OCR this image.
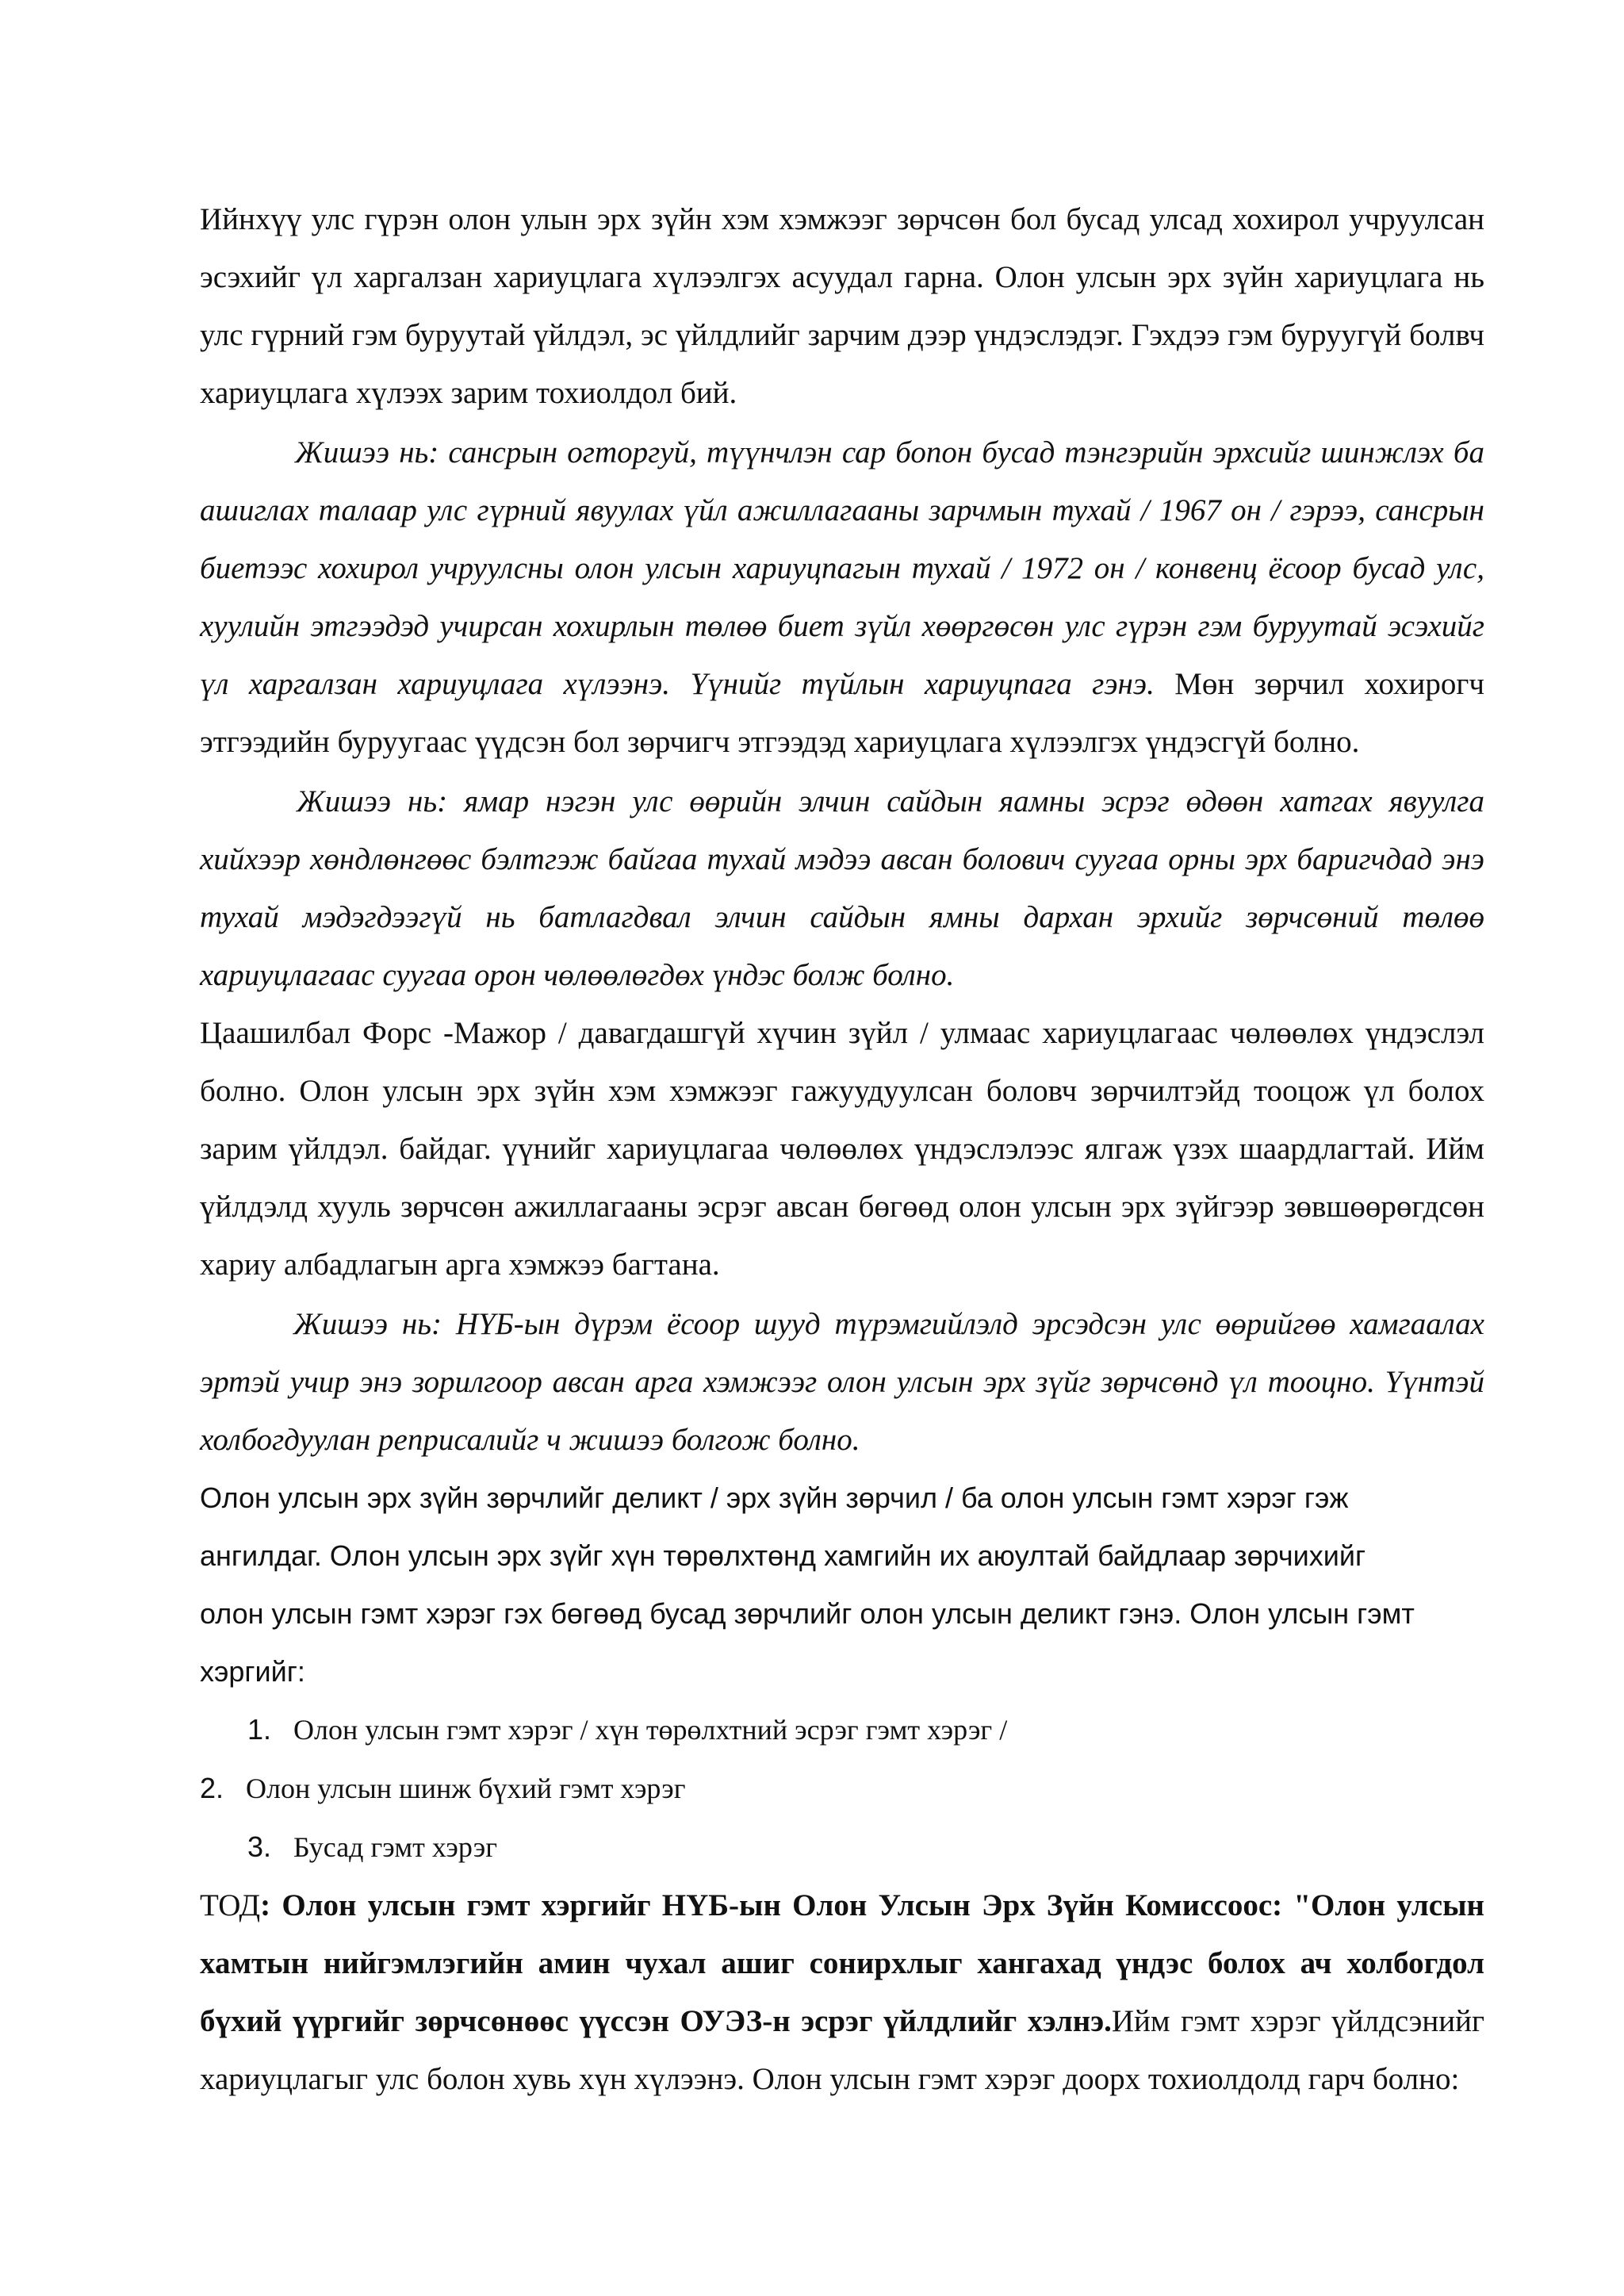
Ийнхүү улс гүрэн олон улын эрх зүйн хэм хэмжээг зөрчсөн бол бусад улсад хохирол учруулсан эсэхийг үл харгалзан хариуцлага хүлээлгэх асуудал гарна. Олон улсын эрх зүйн хариуцлага нь улс гүрний гэм буруутай үйлдэл, эс үйлдлийг зарчим дээр үндэслэдэг. Гэхдээ гэм буруугүй болвч хариуцлага хүлээх зарим тохиолдол бий.

Жишээ нь: сансрын огторгуй, түүнчлэн сар бопон бусад тэнгэрийн эрхсийг шинжлэх ба ашиглах талаар улс гүрний явуулах үйл ажиллагааны зарчмын тухай / 1967 он / гэрээ, сансрын биетээс хохирол учруулсны олон улсын хариуцпагын тухай / 1972 он / конвенц ёсоор бусад улс, хуулийн этгээдэд учирсан хохирлын төлөө биет зүйл хөөргөсөн улс гүрэн гэм буруутай эсэхийг үл харгалзан хариуцлага хүлээнэ. Үүнийг түйлын хариуцпага гэнэ. Мөн зөрчил хохирогч этгээдийн буруугаас үүдсэн бол зөрчигч этгээдэд хариуцлага хүлээлгэх үндэсгүй болно.

Жишээ нь: ямар нэгэн улс өөрийн элчин сайдын яамны эсрэг өдөөн хатгах явуулга хийхээр хөндлөнгөөс бэлтгэж байгаа тухай мэдээ авсан болович суугаа орны эрх баригчдад энэ тухай мэдэгдээгүй нь батлагдвал элчин сайдын ямны дархан эрхийг зөрчсөний төлөө хариуцлагаас суугаа орон чөлөөлөгдөх үндэс болж болно.

Цаашилбал Форс -Мажор / давагдашгүй хүчин зүйл / улмаас хариуцлагаас чөлөөлөх үндэслэл болно. Олон улсын эрх зүйн хэм хэмжээг гажуудуулсан боловч зөрчилтэйд тооцож үл болох зарим үйлдэл. байдаг. үүнийг хариуцлагаа чөлөөлөх үндэслэлээс ялгаж үзэх шаардлагтай. Ийм үйлдэлд хууль зөрчсөн ажиллагааны эсрэг авсан бөгөөд олон улсын эрх зүйгээр зөвшөөрөгдсөн хариу албадлагын арга хэмжээ багтана.

Жишээ нь: НҮБ-ын дүрэм ёсоор шууд түрэмгийлэлд эрсэдсэн улс өөрийгөө хамгаалах эртэй учир энэ зорилгоор авсан арга хэмжээг олон улсын эрх зүйг зөрчсөнд үл тооцно. Үүнтэй холбогдуулан реприсалийг ч жишээ болгож болно.

Олон улсын эрх зүйн зөрчлийг деликт / эрх зүйн зөрчил / ба олон улсын гэмт хэрэг гэж
ангилдаг. Олон улсын эрх зүйг хүн төрөлхтөнд хамгийн их аюултай байдлаар зөрчихийг
олон улсын гэмт хэрэг гэх бөгөөд бусад зөрчлийг олон улсын деликт гэнэ. Олон улсын гэмт
хэргийг:
1. Олон улсын гэмт хэрэг / хүн төрөлхтний эсрэг гэмт хэрэг /
2. Олон улсын шинж бүхий гэмт хэрэг
3. Бусад гэмт хэрэг

ТОД: Олон улсын гэмт хэргийг НҮБ-ын Олон Улсын Эрх Зүйн Комиссоос: "Олон улсын хамтын нийгэмлэгийн амин чухал ашиг сонирхлыг хангахад үндэс болох ач холбогдол бүхий үүргийг зөрчсөнөөс үүссэн ОУЭЗ-н эсрэг үйлдлийг хэлнэ.Ийм гэмт хэрэг үйлдсэнийг хариуцлагыг улс болон хувь хүн хүлээнэ. Олон улсын гэмт хэрэг доорх тохиолдолд гарч болно:
